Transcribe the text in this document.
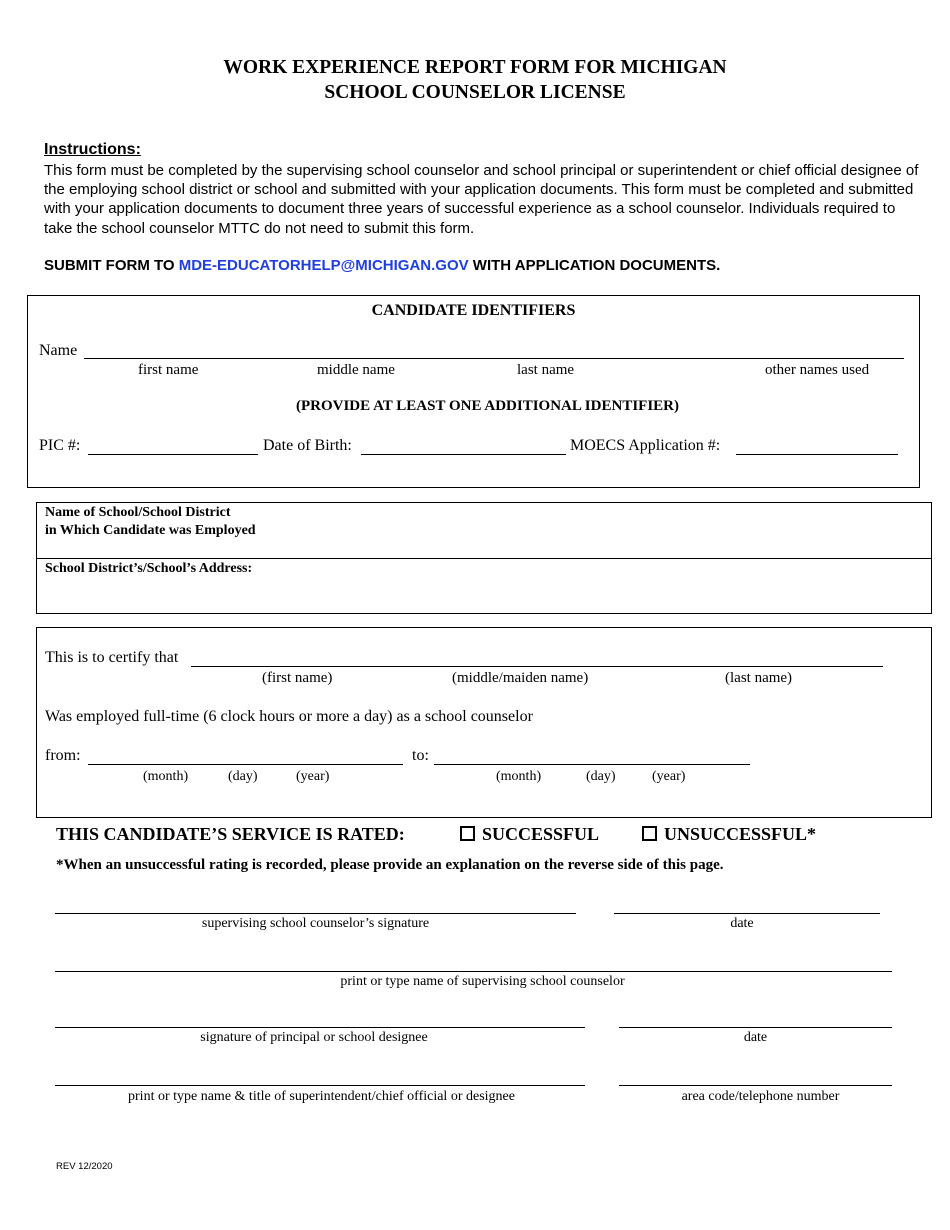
WORK EXPERIENCE REPORT FORM FOR MICHIGAN
SCHOOL COUNSELOR LICENSE
Instructions:

This form must be completed by the supervising school counselor and school principal or superintendent or chief official designee of the employing school district or school and submitted with your application documents. This form must be completed and submitted with your application documents to document three years of successful experience as a school counselor. Individuals required to take the school counselor MTTC do not need to submit this form.

SUBMIT FORM TO MDE-EDUCATORHELP@MICHIGAN.GOV WITH APPLICATION DOCUMENTS.
CANDIDATE IDENTIFIERS
Name
first name	middle name	last name	other names used
(PROVIDE AT LEAST ONE ADDITIONAL IDENTIFIER)
PIC #:	Date of Birth:	MOECS Application #:
Name of School/School District
in Which Candidate was Employed
School District’s/School’s Address:
This is to certify that
(first name)	(middle/maiden name)	(last name)
Was employed full-time (6 clock hours or more a day) as a school counselor
from:	to:
(month)	(day)	(year)	(month)	(day)	(year)
THIS CANDIDATE’S SERVICE IS RATED:	SUCCESSFUL	UNSUCCESSFUL*
*When an unsuccessful rating is recorded, please provide an explanation on the reverse side of this page.
supervising school counselor’s signature	date
print or type name of supervising school counselor
signature of principal or school designee	date
print or type name & title of superintendent/chief official or designee	area code/telephone number
REV 12/2020
